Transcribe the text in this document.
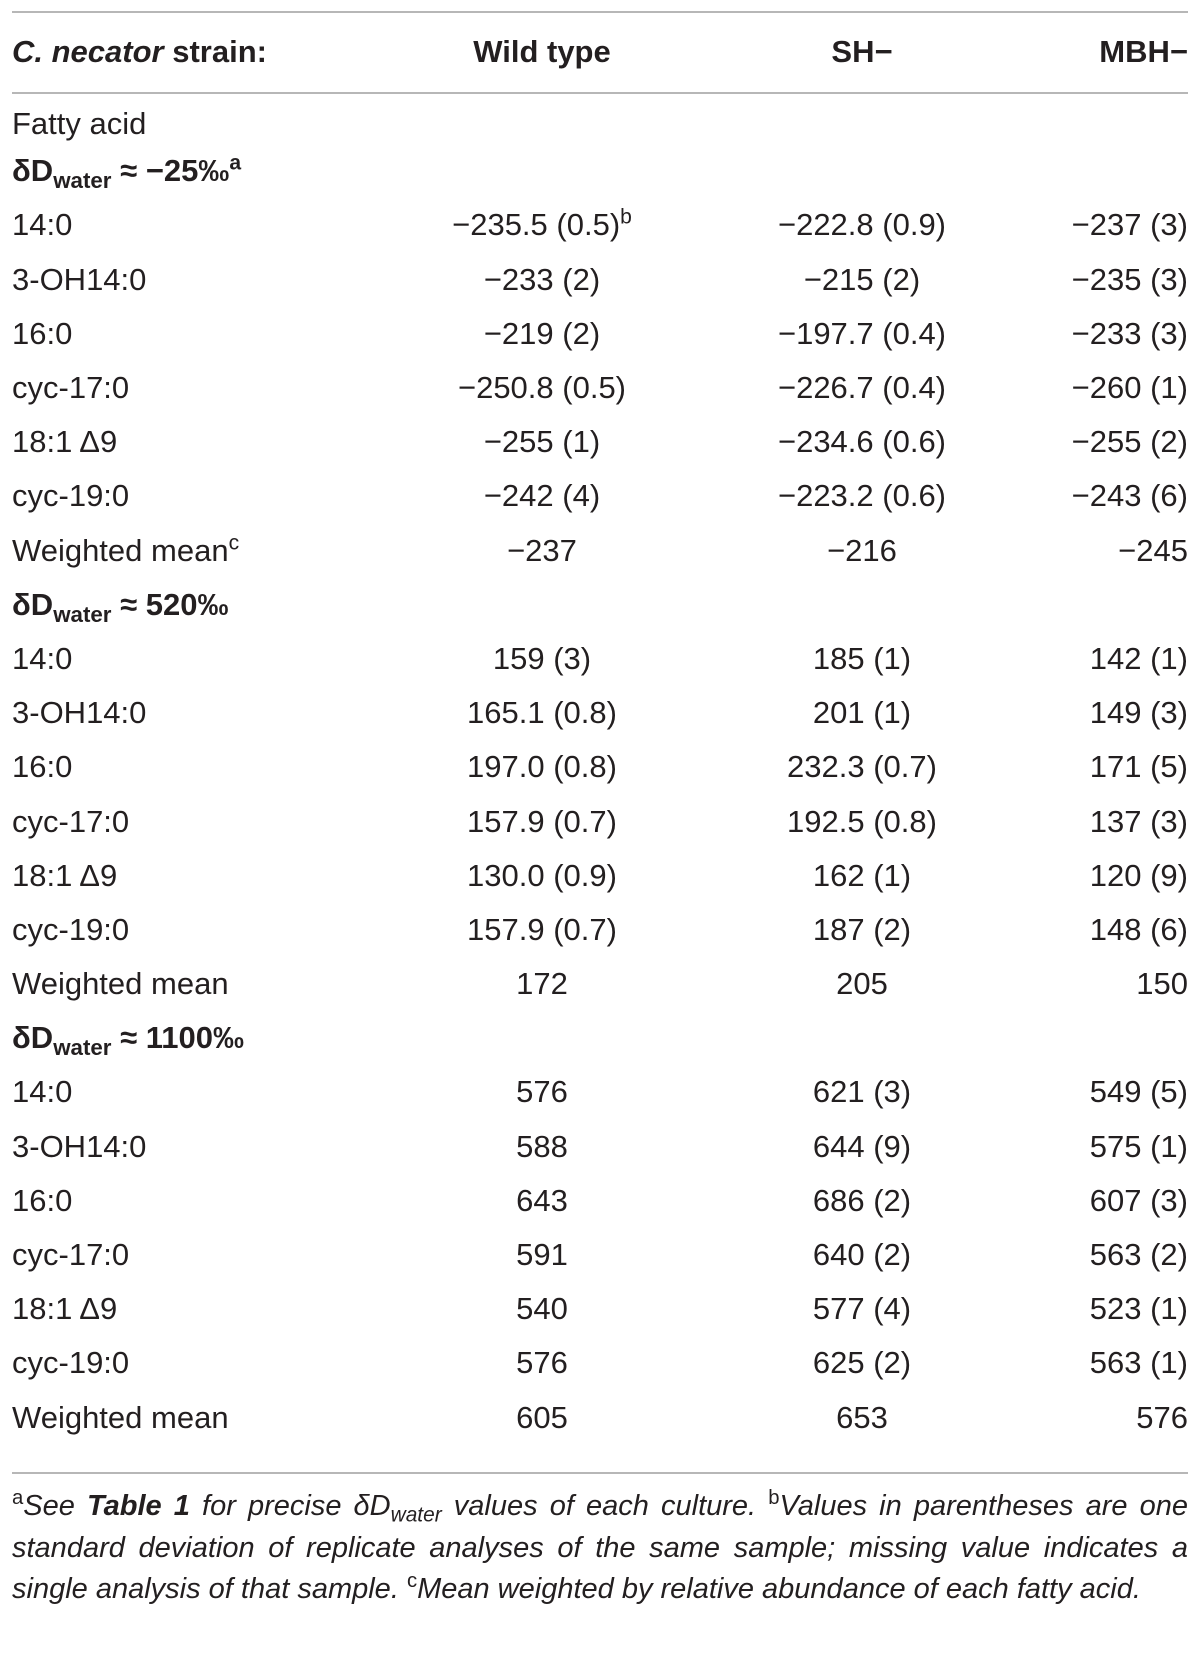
C. necator strain:	Wild type	SH−	MBH−
Fatty acid			
$\delta D_{water}$ ≈ −25‰$^a$
14:0	−235.5 $(0.5)^b$	−222.8 (0.9)	−237 (3)
3-OH14:0	−233 (2)	−215 (2)	−235 (3)
16:0	−219 (2)	−197.7 (0.4)	−233 (3)
cyc-17:0	−250.8 (0.5)	−226.7 (0.4)	−260 (1)
18:1 Δ9	−255 (1)	−234.6 (0.6)	−255 (2)
cyc-19:0	−242 (4)	−223.2 (0.6)	−243 (6)
Weighted mean$^c$	−237	−216	−245
$\delta D_{water}$ ≈ 520‰			
14:0	159 (3)	185 (1)	142 (1)
3-OH14:0	165.1 (0.8)	201 (1)	149 (3)
16:0	197.0 (0.8)	232.3 (0.7)	171 (5)
cyc-17:0	157.9 (0.7)	192.5 (0.8)	137 (3)
18:1 Δ9	130.0 (0.9)	162 (1)	120 (9)
cyc-19:0	157.9 (0.7)	187 (2)	148 (6)
Weighted mean	172	205	150
$\delta D_{water}$ ≈ 1100‰			
14:0	576	621 (3)	549 (5)
3-OH14:0	588	644 (9)	575 (1)
16:0	643	686 (2)	607 (3)
cyc-17:0	591	640 (2)	563 (2)
18:1 Δ9	540	577 (4)	523 (1)
cyc-19:0	576	625 (2)	563 (1)
Weighted mean	605	653	576
$^a$See Table 1 for precise $\delta D_{water}$ values of each culture. $^b$Values in parentheses are one standard deviation of replicate analyses of the same sample; missing value indicates a single analysis of that sample. $^c$Mean weighted by relative abundance of each fatty acid.
